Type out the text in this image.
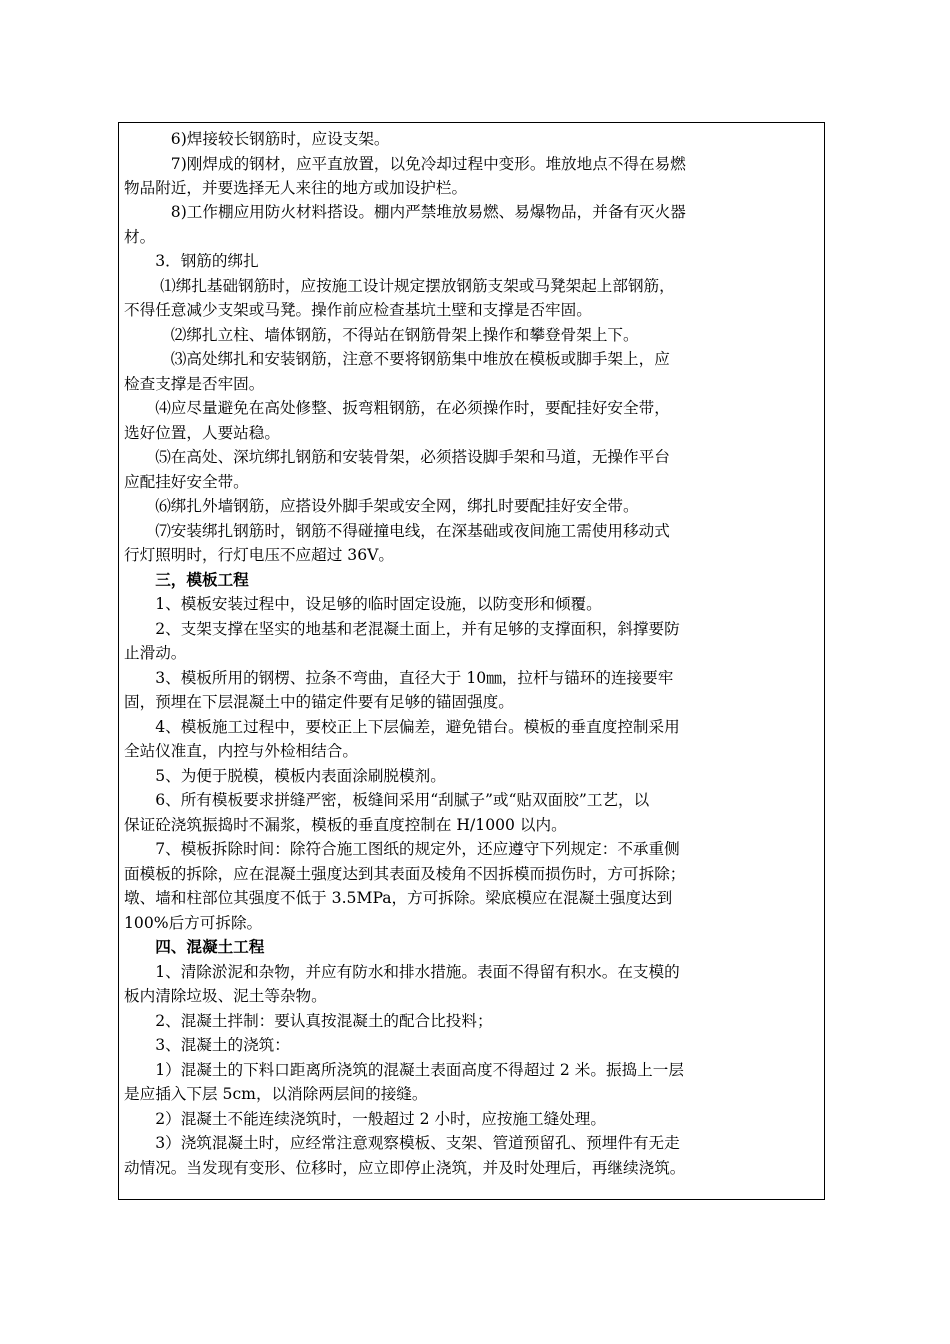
　　　6)焊接较长钢筋时，应设支架。
　　　7)刚焊成的钢材，应平直放置，以免冷却过程中变形。堆放地点不得在易燃
物品附近，并要选择无人来往的地方或加设护栏。
　　　8)工作棚应用防火材料搭设。棚内严禁堆放易燃、易爆物品，并备有灭火器
材。
　　3．钢筋的绑扎
　　 ⑴绑扎基础钢筋时，应按施工设计规定摆放钢筋支架或马凳架起上部钢筋，
不得任意减少支架或马凳。操作前应检查基坑土壁和支撑是否牢固。
　　　⑵绑扎立柱、墙体钢筋，不得站在钢筋骨架上操作和攀登骨架上下。
　　　⑶高处绑扎和安装钢筋，注意不要将钢筋集中堆放在模板或脚手架上，应
检查支撑是否牢固。
　　⑷应尽量避免在高处修整、扳弯粗钢筋，在必须操作时，要配挂好安全带，
选好位置，人要站稳。
　　⑸在高处、深坑绑扎钢筋和安装骨架，必须搭设脚手架和马道，无操作平台
应配挂好安全带。
　　⑹绑扎外墙钢筋，应搭设外脚手架或安全网，绑扎时要配挂好安全带。
　　⑺安装绑扎钢筋时，钢筋不得碰撞电线，在深基础或夜间施工需使用移动式
行灯照明时，行灯电压不应超过 36V。
　　三，模板工程
　　1、模板安装过程中，设足够的临时固定设施，以防变形和倾覆。
　　2、支架支撑在坚实的地基和老混凝土面上，并有足够的支撑面积，斜撑要防
止滑动。
　　3、模板所用的钢楞、拉条不弯曲，直径大于 10㎜，拉杆与锚环的连接要牢
固，预埋在下层混凝土中的锚定件要有足够的锚固强度。
　　4、模板施工过程中，要校正上下层偏差，避免错台。模板的垂直度控制采用
全站仪准直，内控与外检相结合。
　　5、为便于脱模，模板内表面涂刷脱模剂。
　　6、所有模板要求拼缝严密，板缝间采用“刮腻子”或“贴双面胶”工艺，以
保证砼浇筑振捣时不漏浆，模板的垂直度控制在 H/1000 以内。
　　7、模板拆除时间：除符合施工图纸的规定外，还应遵守下列规定：不承重侧
面模板的拆除，应在混凝土强度达到其表面及棱角不因拆模而损伤时，方可拆除；
墩、墙和柱部位其强度不低于 3.5MPa，方可拆除。梁底模应在混凝土强度达到
100%后方可拆除。
　　四、混凝土工程
　　1、清除淤泥和杂物，并应有防水和排水措施。表面不得留有积水。在支模的
板内清除垃圾、泥土等杂物。
　　2、混凝土拌制：要认真按混凝土的配合比投料；
　　3、混凝土的浇筑：
　　1）混凝土的下料口距离所浇筑的混凝土表面高度不得超过 2 米。振捣上一层
是应插入下层 5cm，以消除两层间的接缝。
　　2）混凝土不能连续浇筑时，一般超过 2 小时，应按施工缝处理。
　　3）浇筑混凝土时，应经常注意观察模板、支架、管道预留孔、预埋件有无走
动情况。当发现有变形、位移时，应立即停止浇筑，并及时处理后，再继续浇筑。
